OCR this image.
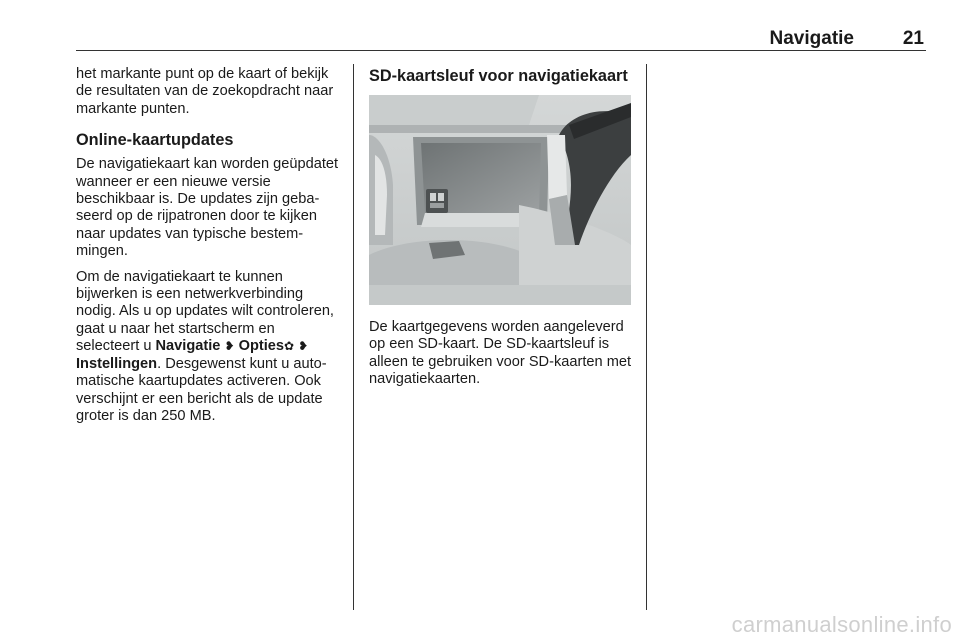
Navigatie	21

het markante punt op de kaart of bekijk de resultaten van de zoekopdracht naar markante punten.

Online-kaartupdates

De navigatiekaart kan worden geüpdatet wanneer er een nieuwe versie beschikbaar is. De updates zijn gebaseerd op de rijpatronen door te kijken naar updates van typische bestemmingen.

Om de navigatiekaart te kunnen bijwerken is een netwerkverbinding nodig. Als u op updates wilt controleren, gaat u naar het startscherm en selecteert u Navigatie ❥ Opties✿ ❥ Instellingen. Desgewenst kunt u automatische kaartupdates activeren. Ook verschijnt er een bericht als de update groter is dan 250 MB.

SD-kaartsleuf voor navigatiekaart

De kaartgegevens worden aangeleverd op een SD-kaart. De SD-kaartsleuf is alleen te gebruiken voor SD-kaarten met navigatiekaarten.

carmanualsonline.info
